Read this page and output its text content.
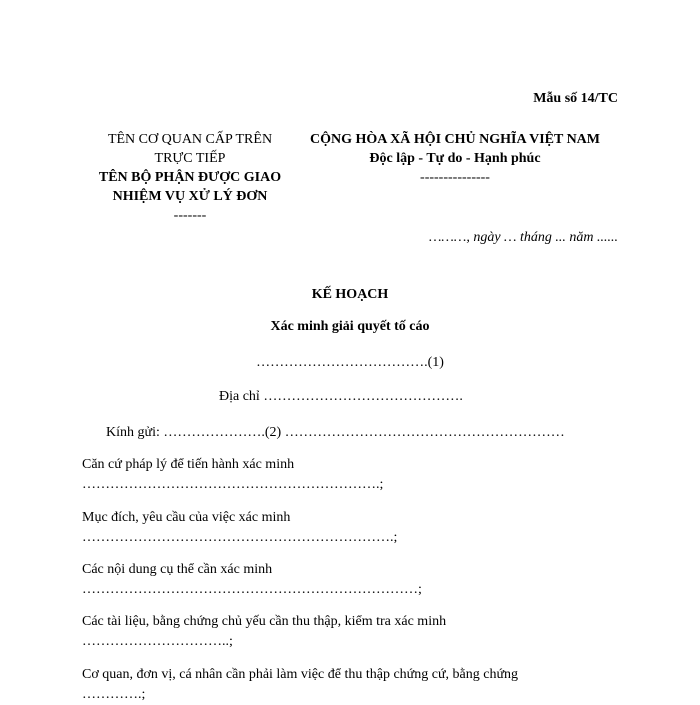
Mẫu số 14/TC
TÊN CƠ QUAN CẤP TRÊN
TRỰC TIẾP
TÊN BỘ PHẬN ĐƯỢC GIAO
NHIỆM VỤ XỬ LÝ ĐƠN
-------
CỘNG HÒA XÃ HỘI CHỦ NGHĨA VIỆT NAM
Độc lập - Tự do - Hạnh phúc
---------------
………, ngày … tháng ... năm ......
KẾ HOẠCH
Xác minh giải quyết tố cáo
……………………………….(1)
Địa chỉ …………………………………….
Kính gửi: ………………….(2) ……………………………………………………
Căn cứ pháp lý để tiến hành xác minh
……………………………………………………….;
Mục đích, yêu cầu của việc xác minh
………………………………………………………….;
Các nội dung cụ thể cần xác minh
………………………………………………………………;
Các tài liệu, bằng chứng chủ yếu cần thu thập, kiểm tra xác minh
…………………………..;
Cơ quan, đơn vị, cá nhân cần phải làm việc để thu thập chứng cứ, bằng chứng
………….;
